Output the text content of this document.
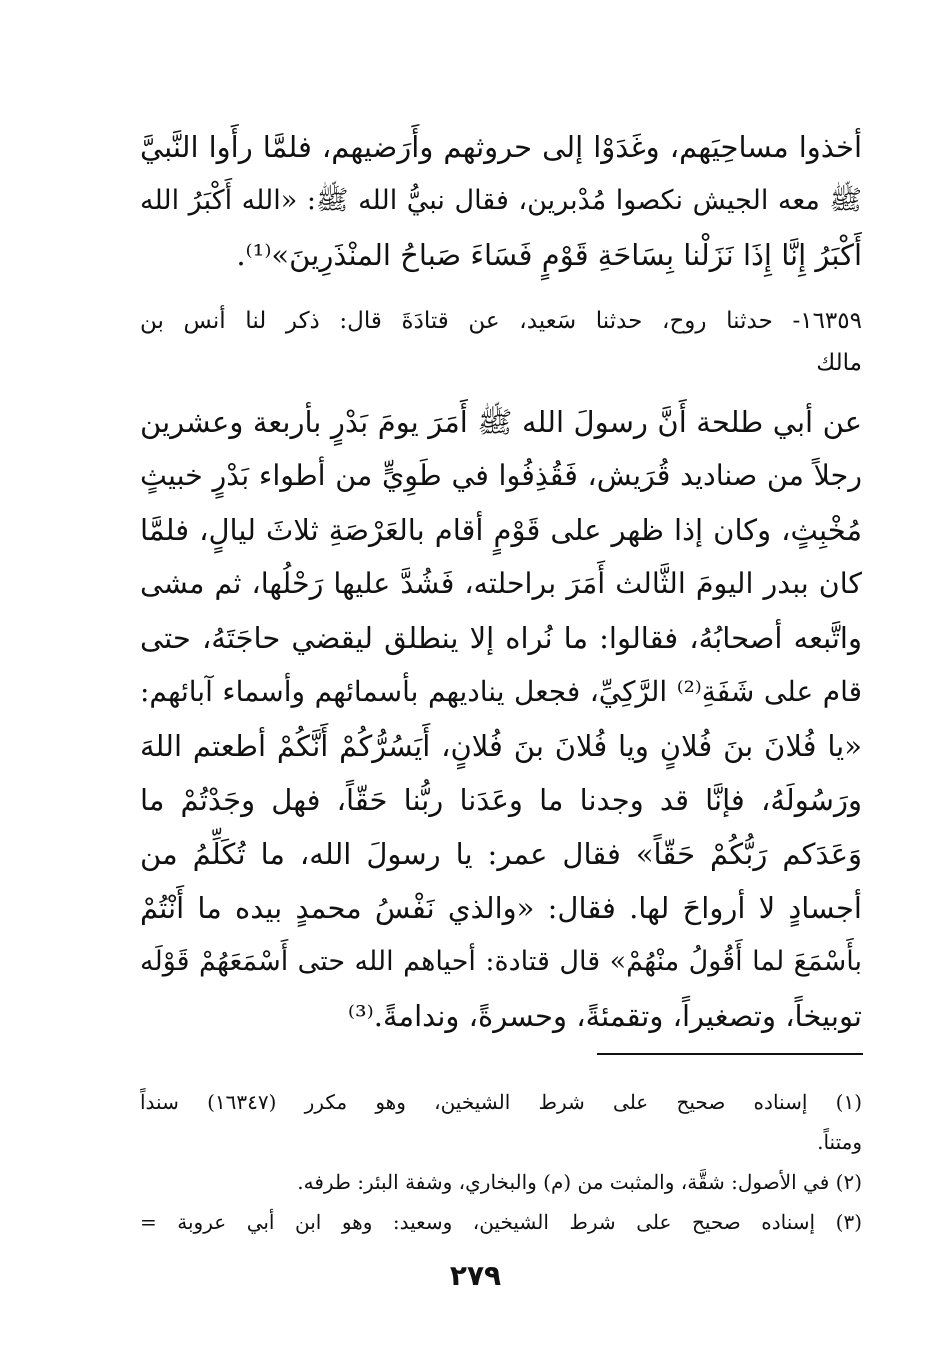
أخذوا مساحِيَهم، وغَدَوْا إلى حروثهم وأَرَضيهم، فلمَّا رأَوا النَّبيَّ
ﷺ معه الجيش نكصوا مُدْبرين، فقال نبيُّ الله ﷺ: «الله أَكْبَرُ الله
أَكْبَرُ إِنَّا إِذَا نَزَلْنا بِسَاحَةِ قَوْمٍ فَسَاءَ صَباحُ المنْذَرِينَ»⁽¹⁾.
١٦٣٥٩- حدثنا روح، حدثنا سَعيد، عن قتادَةَ قال: ذكر لنا أنس بن
مالك
عن أبي طلحة أَنَّ رسولَ الله ﷺ أَمَرَ يومَ بَدْرٍ بأربعة وعشرين
رجلاً من صناديد قُرَيش، فَقُذِفُوا في طَوِيٍّ من أطواء بَدْرٍ خبيثٍ
مُخْبِثٍ، وكان إذا ظهر على قَوْمٍ أقام بالعَرْصَةِ ثلاثَ ليالٍ، فلمَّا
كان ببدر اليومَ الثَّالث أَمَرَ براحلته، فَشُدَّ عليها رَحْلُها، ثم مشى
واتَّبعه أصحابُهُ، فقالوا: ما نُراه إلا ينطلق ليقضي حاجَتَهُ، حتى
قام على شَفَةِ⁽²⁾ الرَّكِيِّ، فجعل يناديهم بأسمائهم وأسماء آبائهم:
«يا فُلانَ بنَ فُلانٍ ويا فُلانَ بنَ فُلانٍ، أَيَسُرُّكُمْ أَنَّكُمْ أطعتم اللهَ
ورَسُولَهُ، فإنَّا قد وجدنا ما وعَدَنا ربُّنا حَقّاً، فهل وجَدْتُمْ ما
وَعَدَكم رَبُّكُمْ حَقّاً» فقال عمر: يا رسولَ الله، ما تُكَلِّمُ من
أجسادٍ لا أرواحَ لها. فقال: «والذي نَفْسُ محمدٍ بيده ما أَنْتُمْ
بأَسْمَعَ لما أَقُولُ منْهُمْ» قال قتادة: أحياهم الله حتى أَسْمَعَهُمْ قَوْلَه
توبيخاً، وتصغيراً، وتقمئةً، وحسرةً، وندامةً.⁽³⁾
(١) إسناده صحيح على شرط الشيخين، وهو مكرر (١٦٣٤٧) سنداً
ومتناً.
(٢) في الأصول: شقَّة، والمثبت من (م) والبخاري، وشفة البئر: طرفه.
(٣) إسناده صحيح على شرط الشيخين، وسعيد: وهو ابن أبي عروبة =
٢٧٩
